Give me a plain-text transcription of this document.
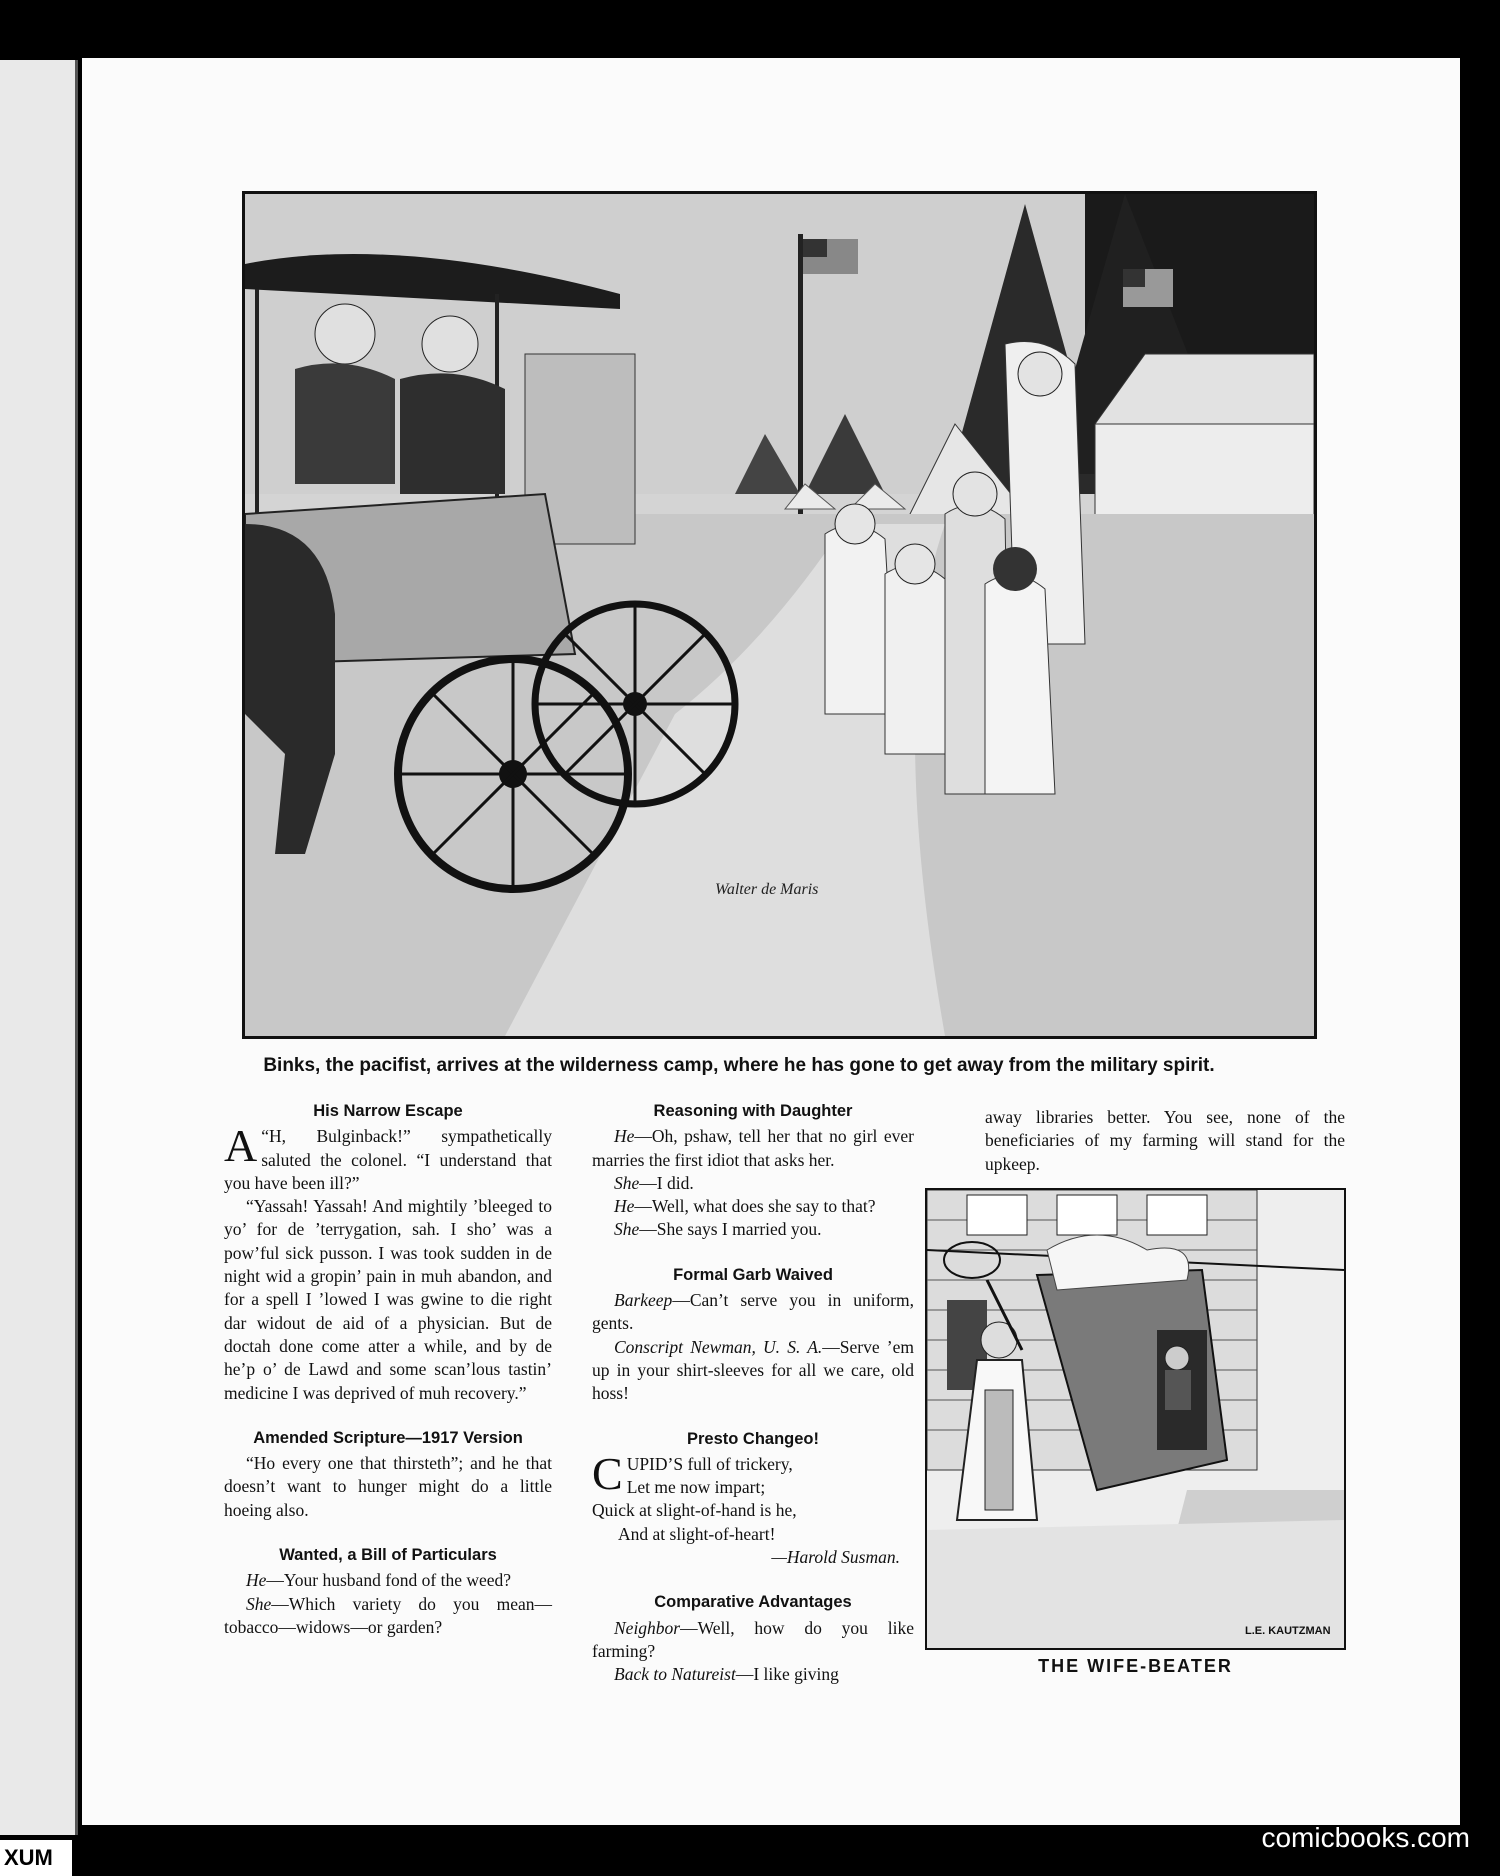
Walter de Maris
Binks, the pacifist, arrives at the wilderness camp, where he has gone to get away from the military spirit.
His Narrow Escape

“
A H, Bulginback!” sympathetically saluted the colonel. “I understand that you have been ill?”

“Yassah! Yassah! And mightily ’bleeged to yo’ for de ’terrygation, sah. I sho’ was a pow’ful sick pusson. I was took sudden in de night wid a gropin’ pain in muh abandon, and for a spell I ’lowed I was gwine to die right dar widout de aid of a physician. But de doctah done come atter a while, and by de he’p o’ de Lawd and some scan’lous tastin’ medicine I was deprived of muh recovery.”

Amended Scripture—1917 Version

“Ho every one that thirsteth”; and he that doesn’t want to hunger might do a little hoeing also.

Wanted, a Bill of Particulars

He—Your husband fond of the weed?

She—Which variety do you mean—tobacco—widows—or garden?

Reasoning with Daughter

He—Oh, pshaw, tell her that no girl ever marries the first idiot that asks her.

She—I did.

He—Well, what does she say to that?

She—She says I married you.

Formal Garb Waived

Barkeep—Can’t serve you in uniform, gents.

Conscript Newman, U. S. A.—Serve ’em up in your shirt-sleeves for all we care, old hoss!

Presto Changeo!
C UPID’S full of trickery,
Let me now impart;
Quick at slight-of-hand is he,
And at slight-of-heart!

—Harold Susman.

Comparative Advantages

Neighbor—Well, how do you like farming?

Back to Natureist—I like giving

away libraries better. You see, none of the beneficiaries of my farming will stand for the upkeep.

L.E. KAUTZMAN
THE WIFE-BEATER
XUM
comicbooks.com
